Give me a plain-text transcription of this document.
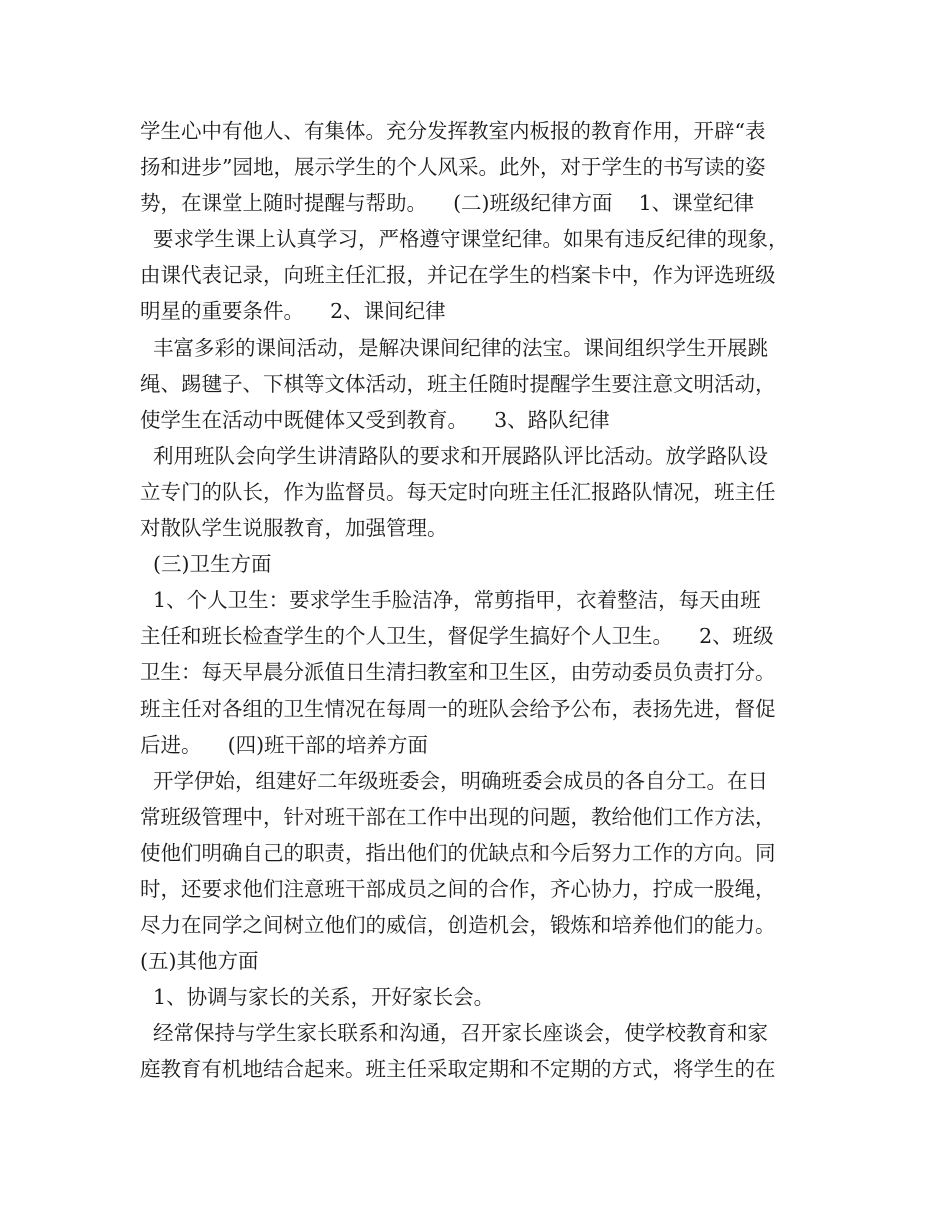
学生心中有他人、有集体。充分发挥教室内板报的教育作用，开辟“表
扬和进步”园地，展示学生的个人风采。此外，对于学生的书写读的姿
势，在课堂上随时提醒与帮助。    (二)班级纪律方面    1、课堂纪律
要求学生课上认真学习，严格遵守课堂纪律。如果有违反纪律的现象，
由课代表记录，向班主任汇报，并记在学生的档案卡中，作为评选班级
明星的重要条件。    2、课间纪律
丰富多彩的课间活动，是解决课间纪律的法宝。课间组织学生开展跳
绳、踢毽子、下棋等文体活动，班主任随时提醒学生要注意文明活动，
使学生在活动中既健体又受到教育。    3、路队纪律
利用班队会向学生讲清路队的要求和开展路队评比活动。放学路队设
立专门的队长，作为监督员。每天定时向班主任汇报路队情况，班主任
对散队学生说服教育，加强管理。
(三)卫生方面
1、个人卫生：要求学生手脸洁净，常剪指甲，衣着整洁，每天由班
主任和班长检查学生的个人卫生，督促学生搞好个人卫生。    2、班级
卫生：每天早晨分派值日生清扫教室和卫生区，由劳动委员负责打分。
班主任对各组的卫生情况在每周一的班队会给予公布，表扬先进，督促
后进。    (四)班干部的培养方面
开学伊始，组建好二年级班委会，明确班委会成员的各自分工。在日
常班级管理中，针对班干部在工作中出现的问题，教给他们工作方法，
使他们明确自己的职责，指出他们的优缺点和今后努力工作的方向。同
时，还要求他们注意班干部成员之间的合作，齐心协力，拧成一股绳，
尽力在同学之间树立他们的威信，创造机会，锻炼和培养他们的能力。
(五)其他方面
1、协调与家长的关系，开好家长会。
经常保持与学生家长联系和沟通，召开家长座谈会，使学校教育和家
庭教育有机地结合起来。班主任采取定期和不定期的方式，将学生的在
